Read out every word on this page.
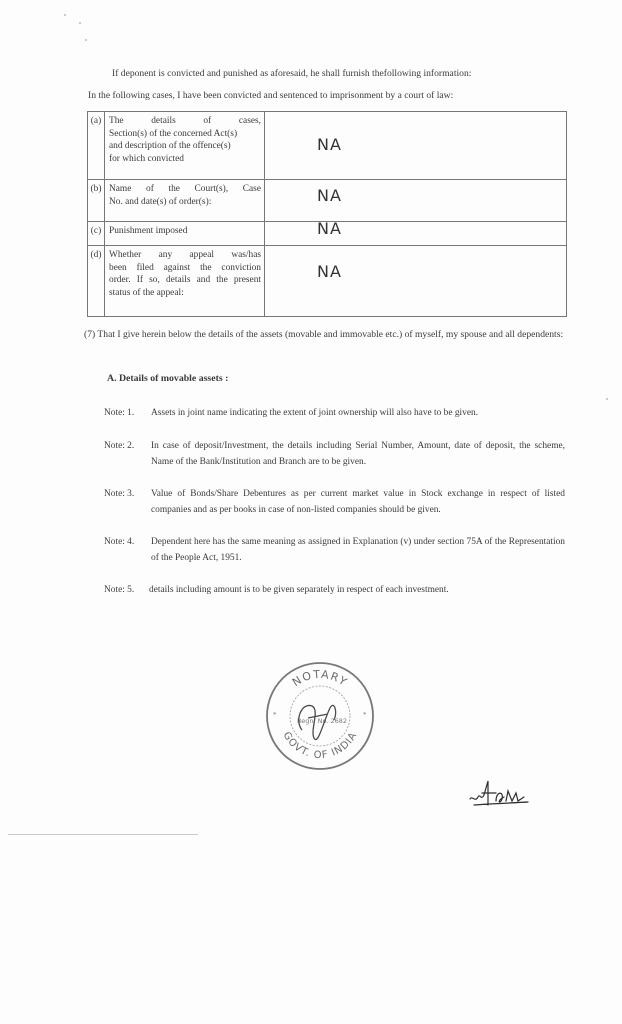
If deponent is convicted and punished as aforesaid, he shall furnish thefollowing information:
In the following cases, I have been convicted and sentenced to imprisonment by a court of law:
(a)	The details of cases,
Section(s) of the concerned Act(s)
and description of the offence(s)
for which convicted	NA

(b)	Name of the Court(s), Case
No. and date(s) of order(s):	NA

(c)	Punishment imposed	NA

(d)	Whether any appeal was/has
been filed against the conviction
order. If so, details and the present
status of the appeal:	NA
(7) That I give herein below the details of the assets (movable and immovable etc.) of myself, my spouse and all dependents:
A. Details of movable assets :
Note: 1. Assets in joint name indicating the extent of joint ownership will also have to be given.
Note: 2. In case of deposit/Investment, the details including Serial Number, Amount, date of deposit, the scheme, Name of the Bank/Institution and Branch are to be given.
Note: 3. Value of Bonds/Share Debentures as per current market value in Stock exchange in respect of listed companies and as per books in case of non-listed companies should be given.
Note: 4. Dependent here has the same meaning as assigned in Explanation (v) under section 75A of the Representation of the People Act, 1951.
Note: 5. details including amount is to be given separately in respect of each investment.
NOTARY
GOVT. OF INDIA
Regn. No. 2682
*	*
